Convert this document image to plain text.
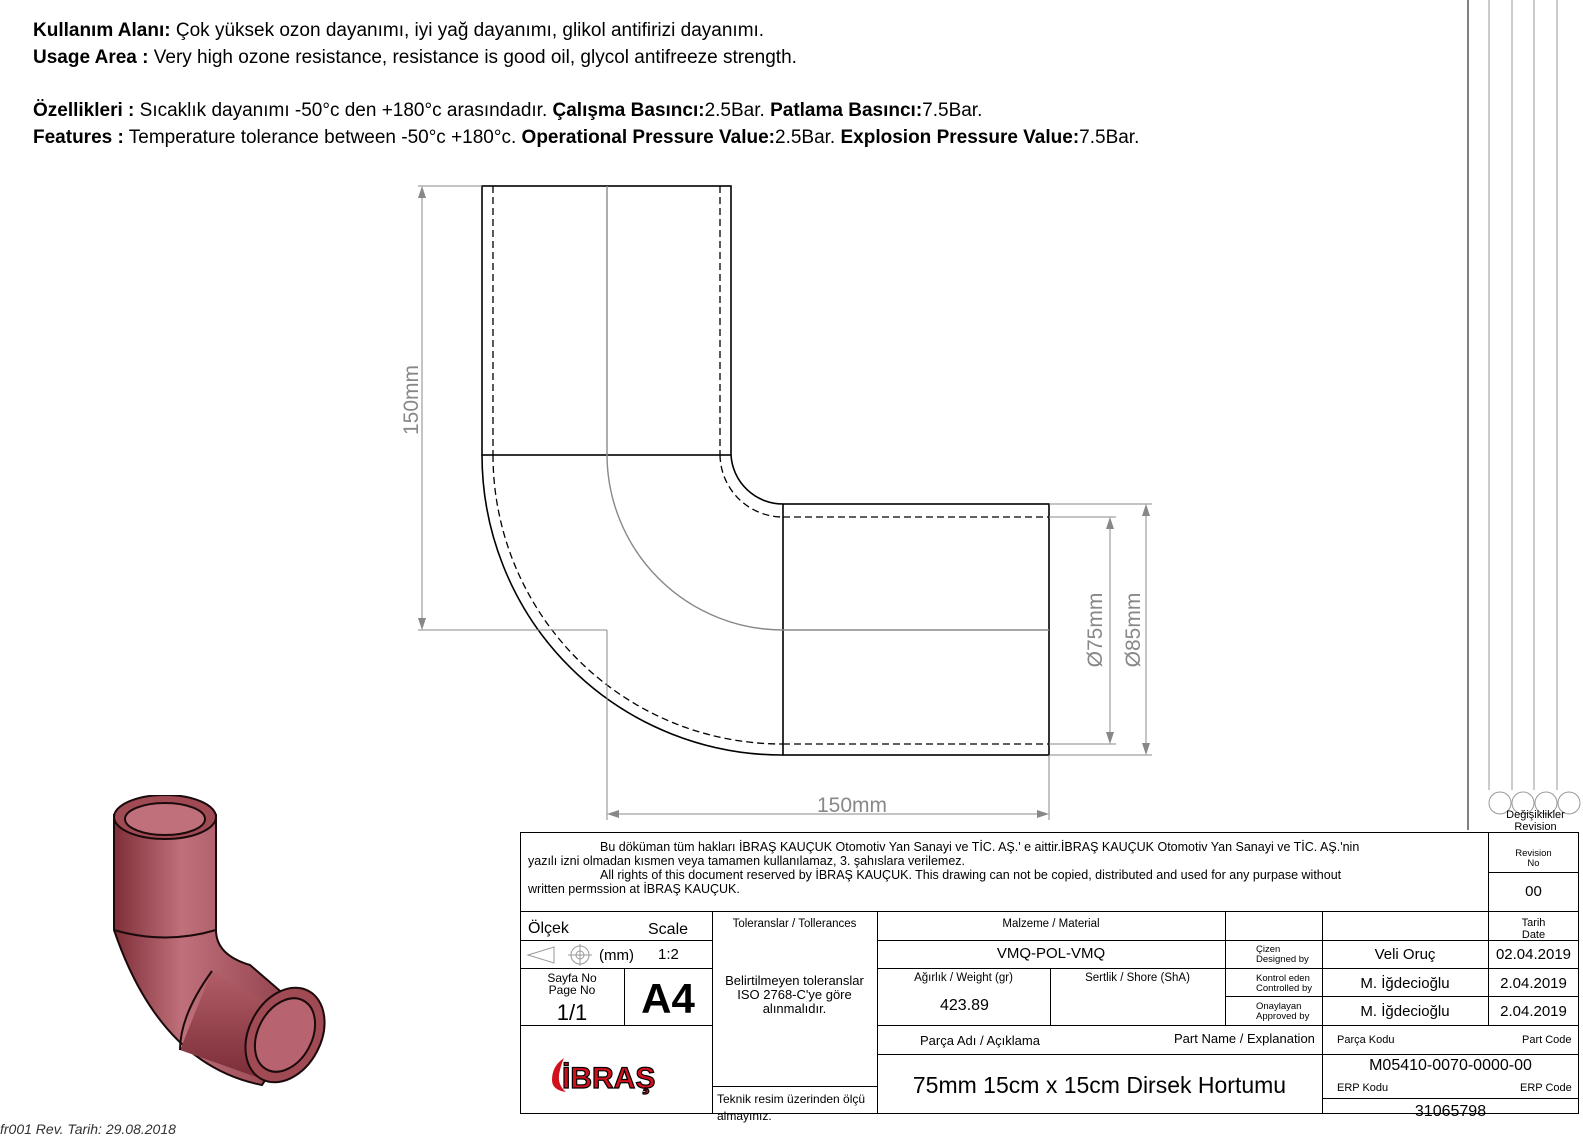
Kullanım Alanı: Çok yüksek ozon dayanımı, iyi yağ dayanımı, glikol antifirizi dayanımı.
Usage Area : Very high ozone resistance, resistance is good oil, glycol antifreeze strength.
Özellikleri : Sıcaklık dayanımı -50°c den +180°c arasındadır. Çalışma Basıncı:2.5Bar. Patlama Basıncı:7.5Bar.
Features : Temperature tolerance between -50°c +180°c. Operational Pressure Value:2.5Bar. Explosion Pressure Value:7.5Bar.
150mm
150mm
Ø75mm Ø85mm
Değişiklikler
Revision
Bu döküman tüm hakları İBRAŞ KAUÇUK Otomotiv Yan Sanayi ve TİC. AŞ.' e aittir.İBRAŞ KAUÇUK Otomotiv Yan Sanayi ve TİC. AŞ.'nin
yazılı izni olmadan kısmen veya tamamen kullanılamaz, 3. şahıslara verilemez.
All rights of this document reserved by İBRAŞ KAUÇUK. This drawing can not be copied, distributed and used for any purpase without
written permssion at İBRAŞ KAUÇUK.
Revision
No
00
Tarih
Date
Ölçek	Scale
(mm) 1:2
Sayfa No
Page No
1/1	A4
İBRAŞ
Toleranslar / Tollerances
Belirtilmeyen toleranslar
ISO 2768-C'ye göre
alınmalıdır.
Teknik resim üzerinden ölçü
almayınız.
Malzeme / Material
VMQ-POL-VMQ
Ağırlık / Weight (gr)
423.89
Sertlik / Shore (ShA)
Çizen
Designed by	Veli Oruç	02.04.2019
Kontrol eden
Controlled by	M. İğdecioğlu	2.04.2019
Onaylayan
Approved by	M. İğdecioğlu	2.04.2019
Parça Adı / Açıklama	Part Name / Explanation
75mm 15cm x 15cm Dirsek Hortumu
Parça Kodu	Part Code
M05410-0070-0000-00
ERP Kodu	ERP Code
31065798
fr001 Rev. Tarih: 29.08.2018
